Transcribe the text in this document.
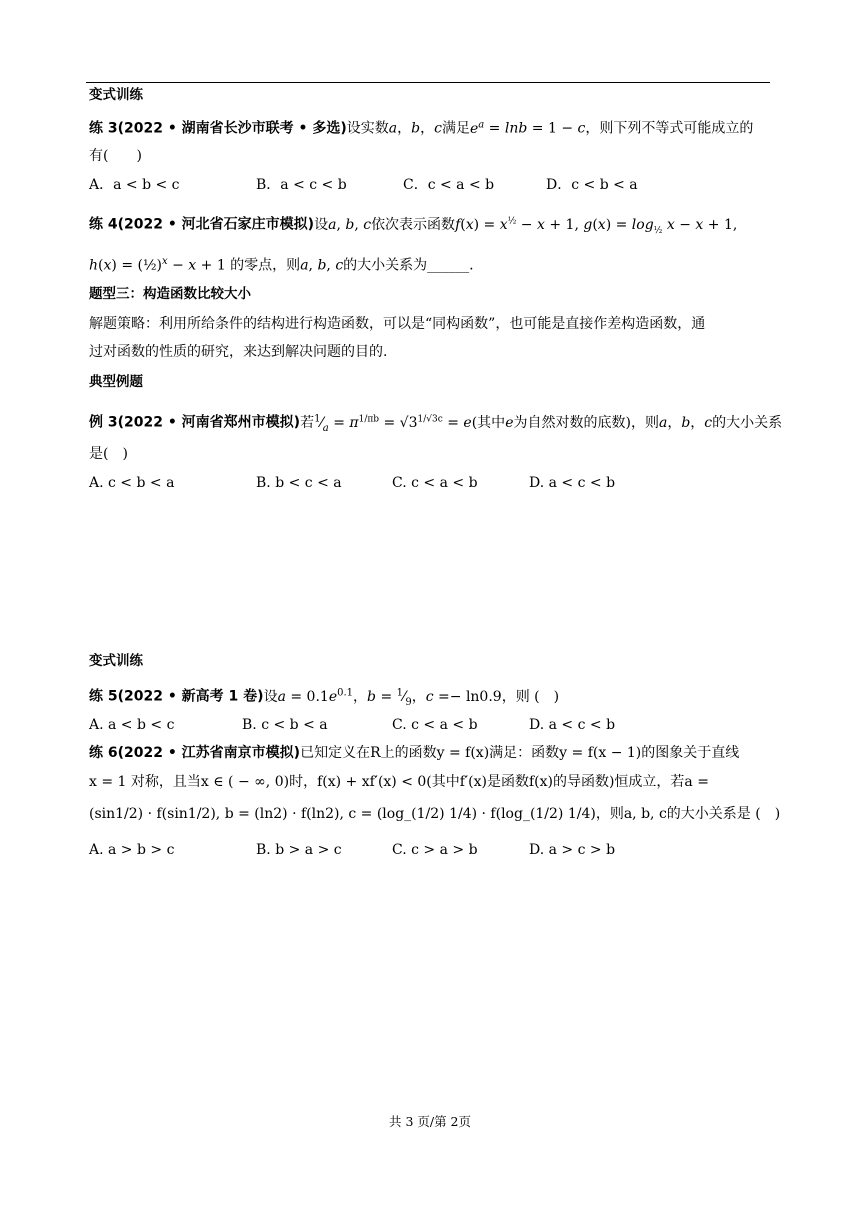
变式训练
练 3(2022 • 湖南省长沙市联考 • 多选)设实数a，b，c满足$e^a = \ln b = 1 - c$，则下列不等式可能成立的
有(　　)
A．a < b < c	B．a < c < b	C．c < a < b	D．c < b < a
练 4(2022 • 河北省石家庄市模拟)设a, b, c依次表示函数$f(x) = x^{\frac{1}{2}} - x + 1$, $g(x) = \log_{\frac{1}{2}} x - x + 1$,
h(x) = (½)$^x$ − x + 1 的零点，则a, b, c的大小关系为______.
题型三：构造函数比较大小
解题策略：利用所给条件的结构进行构造函数，可以是“同构函数”，也可能是直接作差构造函数，通
过对函数的性质的研究，来达到解决问题的目的.
典型例题
例 3(2022 • 河南省郑州市模拟)若$^1⁄_a = \pi^{1/\pi b} = √3^{1/√3c} = e$(其中e为自然对数的底数)，则a，b，c的大小关系
是(　)
A. c < b < a	B. b < c < a	C. c < a < b	D. a < c < b
变式训练
练 5(2022 • 新高考 1 卷)设$a = 0.1e^{0.1}$，$b = ^1⁄_9$，c =− ln0.9，则 (　)
A. a < b < c	B. c < b < a	C. c < a < b	D. a < c < b
练 6(2022 • 江苏省南京市模拟)已知定义在R上的函数y = f(x)满足：函数y = f(x − 1)的图象关于直线
x = 1 对称，且当x ∈ ( − ∞, 0)时，f(x) + xf′(x) < 0(其中f′(x)是函数f(x)的导函数)恒成立，若a =
(sin1/2) · f(sin1/2), b = (ln2) · f(ln2), c = (log_(1/2) 1/4) · f(log_(1/2) 1/4)，则a, b, c的大小关系是 (　)
A. a > b > c	B. b > a > c	C. c > a > b	D. a > c > b
共 3 页/第 2页
